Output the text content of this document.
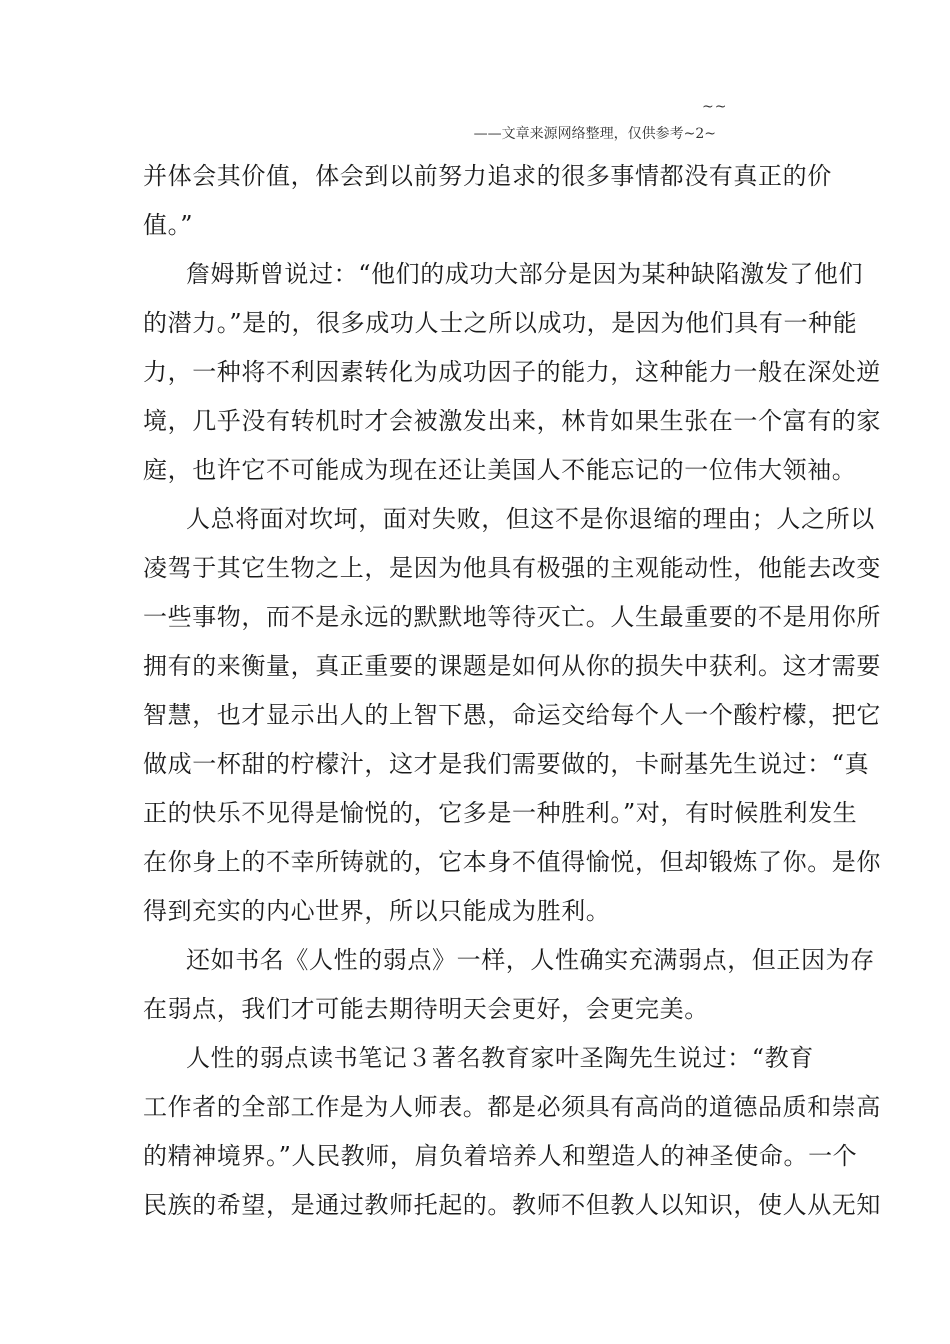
~~
——文章来源网络整理，仅供参考~2~
并体会其价值，体会到以前努力追求的很多事情都没有真正的价
值。”
詹姆斯曾说过：“他们的成功大部分是因为某种缺陷激发了他们
的潜力。”是的，很多成功人士之所以成功，是因为他们具有一种能
力，一种将不利因素转化为成功因子的能力，这种能力一般在深处逆
境，几乎没有转机时才会被激发出来，林肯如果生张在一个富有的家
庭，也许它不可能成为现在还让美国人不能忘记的一位伟大领袖。
人总将面对坎坷，面对失败，但这不是你退缩的理由；人之所以
凌驾于其它生物之上，是因为他具有极强的主观能动性，他能去改变
一些事物，而不是永远的默默地等待灭亡。人生最重要的不是用你所
拥有的来衡量，真正重要的课题是如何从你的损失中获利。这才需要
智慧，也才显示出人的上智下愚，命运交给每个人一个酸柠檬，把它
做成一杯甜的柠檬汁，这才是我们需要做的，卡耐基先生说过：“真
正的快乐不见得是愉悦的，它多是一种胜利。”对，有时候胜利发生
在你身上的不幸所铸就的，它本身不值得愉悦，但却锻炼了你。是你
得到充实的内心世界，所以只能成为胜利。
还如书名《人性的弱点》一样，人性确实充满弱点，但正因为存
在弱点，我们才可能去期待明天会更好，会更完美。
人性的弱点读书笔记３著名教育家叶圣陶先生说过：“教育
工作者的全部工作是为人师表。都是必须具有高尚的道德品质和崇高
的精神境界。”人民教师，肩负着培养人和塑造人的神圣使命。一个
民族的希望，是通过教师托起的。教师不但教人以知识，使人从无知
